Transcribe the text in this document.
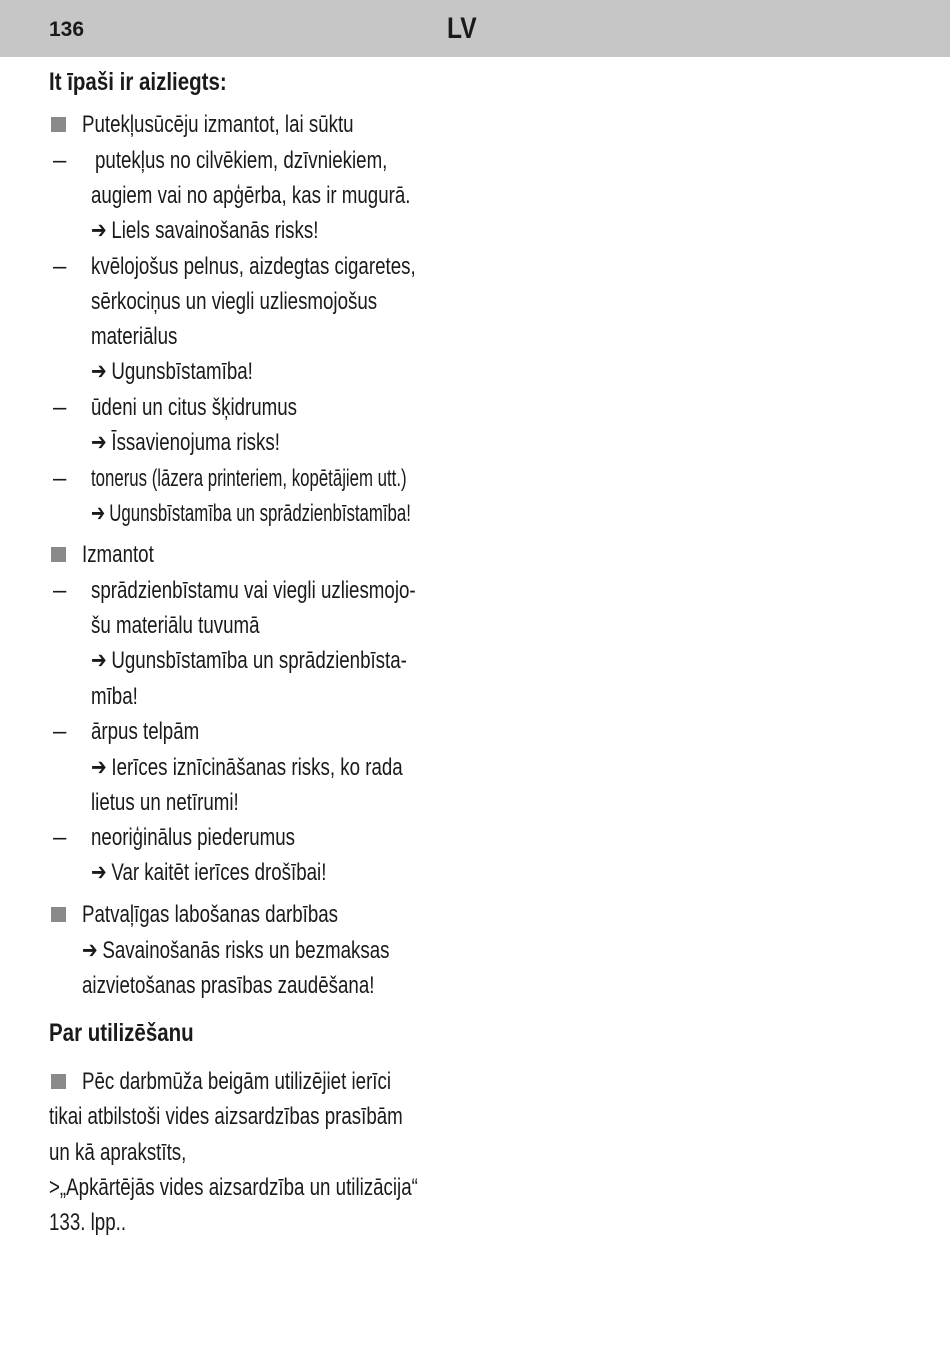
136	LV
It īpaši ir aizliegts:
Putekļusūcēju izmantot, lai sūktu
– putekļus no cilvēkiem, dzīvniekiem,
augiem vai no apģērba, kas ir mugurā.
➔ Liels savainošanās risks!
– kvēlojošus pelnus, aizdegtas cigaretes,
sērkociņus un viegli uzliesmojošus
materiālus
➔ Ugunsbīstamība!
– ūdeni un citus šķidrumus
➔ Īssavienojuma risks!
– tonerus (lāzera printeriem, kopētājiem utt.)
➔ Ugunsbīstamība un sprādzienbīstamība!
Izmantot
– sprādzienbīstamu vai viegli uzliesmojo-
šu materiālu tuvumā
➔ Ugunsbīstamība un sprādzienbīsta-
mība!
– ārpus telpām
➔ Ierīces iznīcināšanas risks, ko rada
lietus un netīrumi!
– neoriģinālus piederumus
➔ Var kaitēt ierīces drošībai!
Patvaļīgas labošanas darbības
➔ Savainošanās risks un bezmaksas
aizvietošanas prasības zaudēšana!
Par utilizēšanu
Pēc darbmūža beigām utilizējiet ierīci
tikai atbilstoši vides aizsardzības prasībām
un kā aprakstīts,
>„Apkārtējās vides aizsardzība un utilizācija“
133. lpp..
